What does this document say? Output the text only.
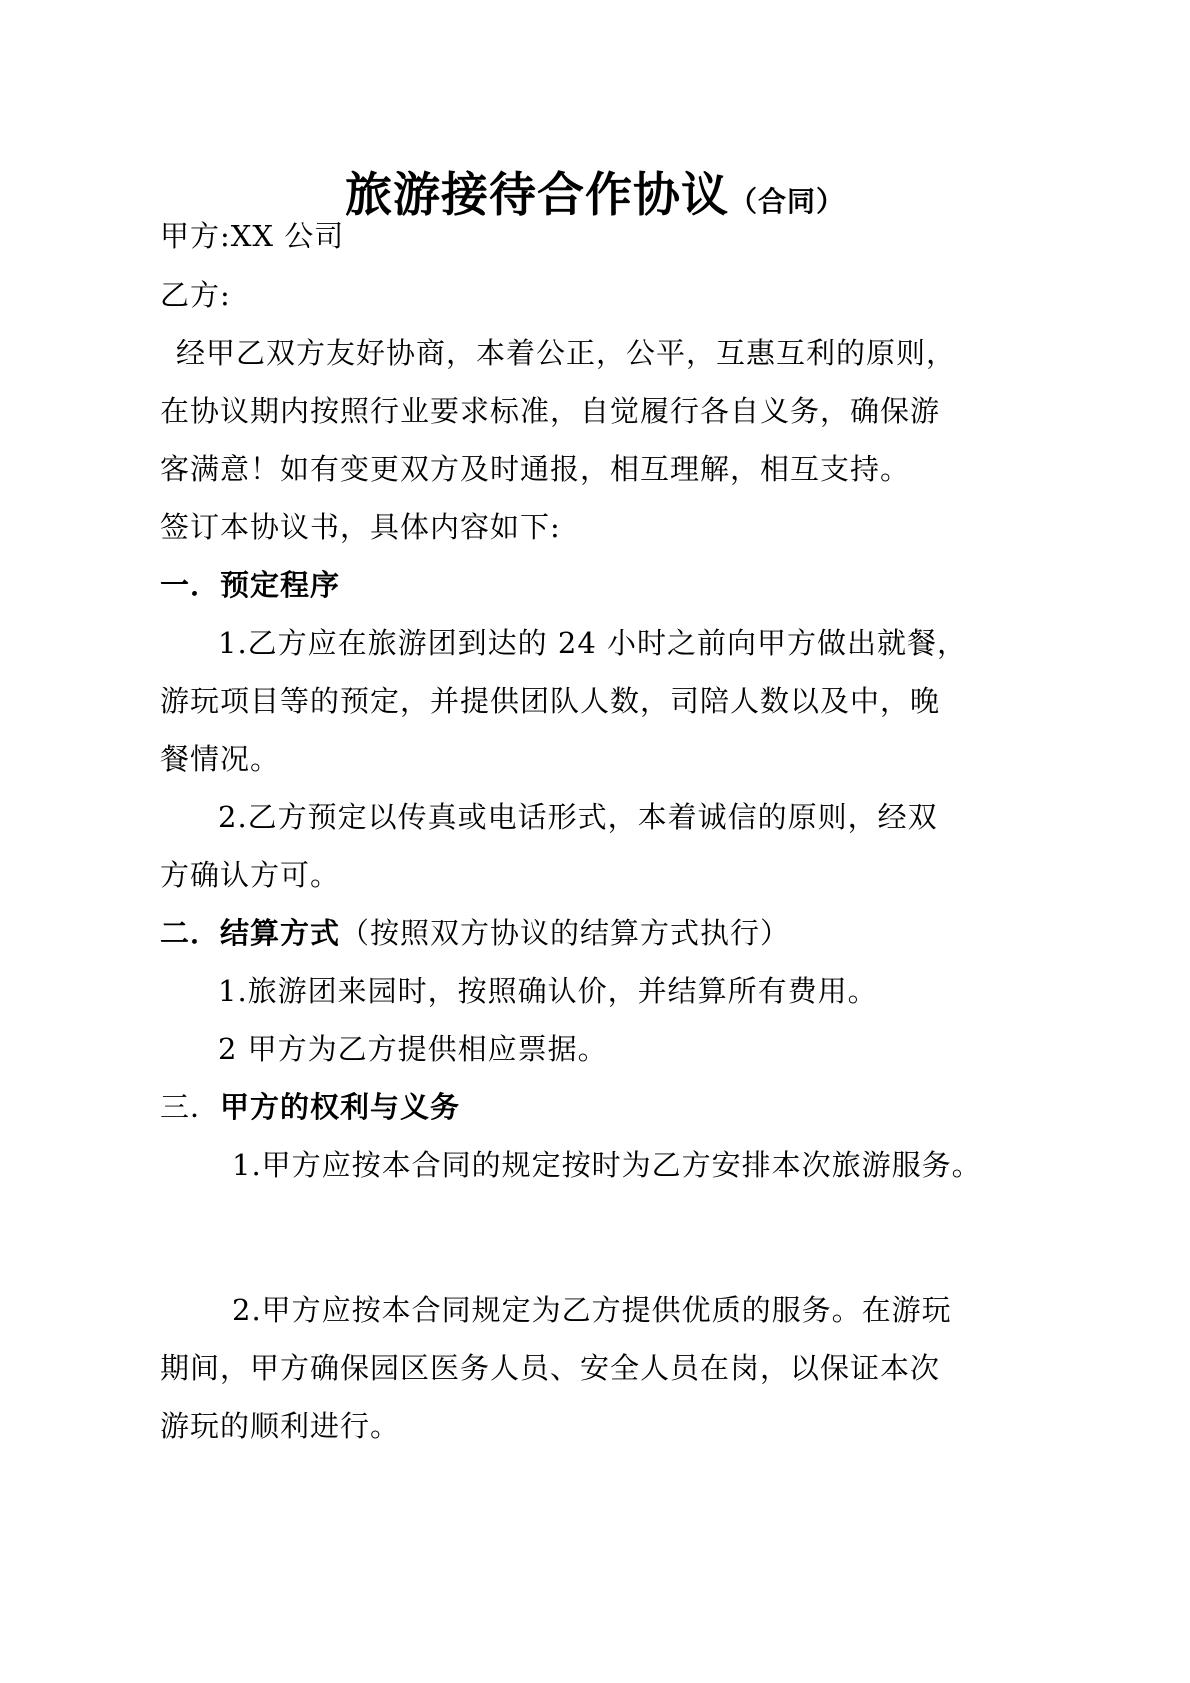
旅游接待合作协议（合同）
甲方:XX 公司
乙方:
经甲乙双方友好协商，本着公正，公平，互惠互利的原则，
在协议期内按照行业要求标准，自觉履行各自义务，确保游
客满意！如有变更双方及时通报，相互理解，相互支持。
签订本协议书，具体内容如下:
一．预定程序
1.乙方应在旅游团到达的 24 小时之前向甲方做出就餐，
游玩项目等的预定，并提供团队人数，司陪人数以及中，晚
餐情况。
2.乙方预定以传真或电话形式，本着诚信的原则，经双
方确认方可。
二．结算方式（按照双方协议的结算方式执行）
1.旅游团来园时，按照确认价，并结算所有费用。
2 甲方为乙方提供相应票据。
三．甲方的权利与义务
1.甲方应按本合同的规定按时为乙方安排本次旅游服务。
2.甲方应按本合同规定为乙方提供优质的服务。在游玩
期间，甲方确保园区医务人员、安全人员在岗，以保证本次
游玩的顺利进行。
